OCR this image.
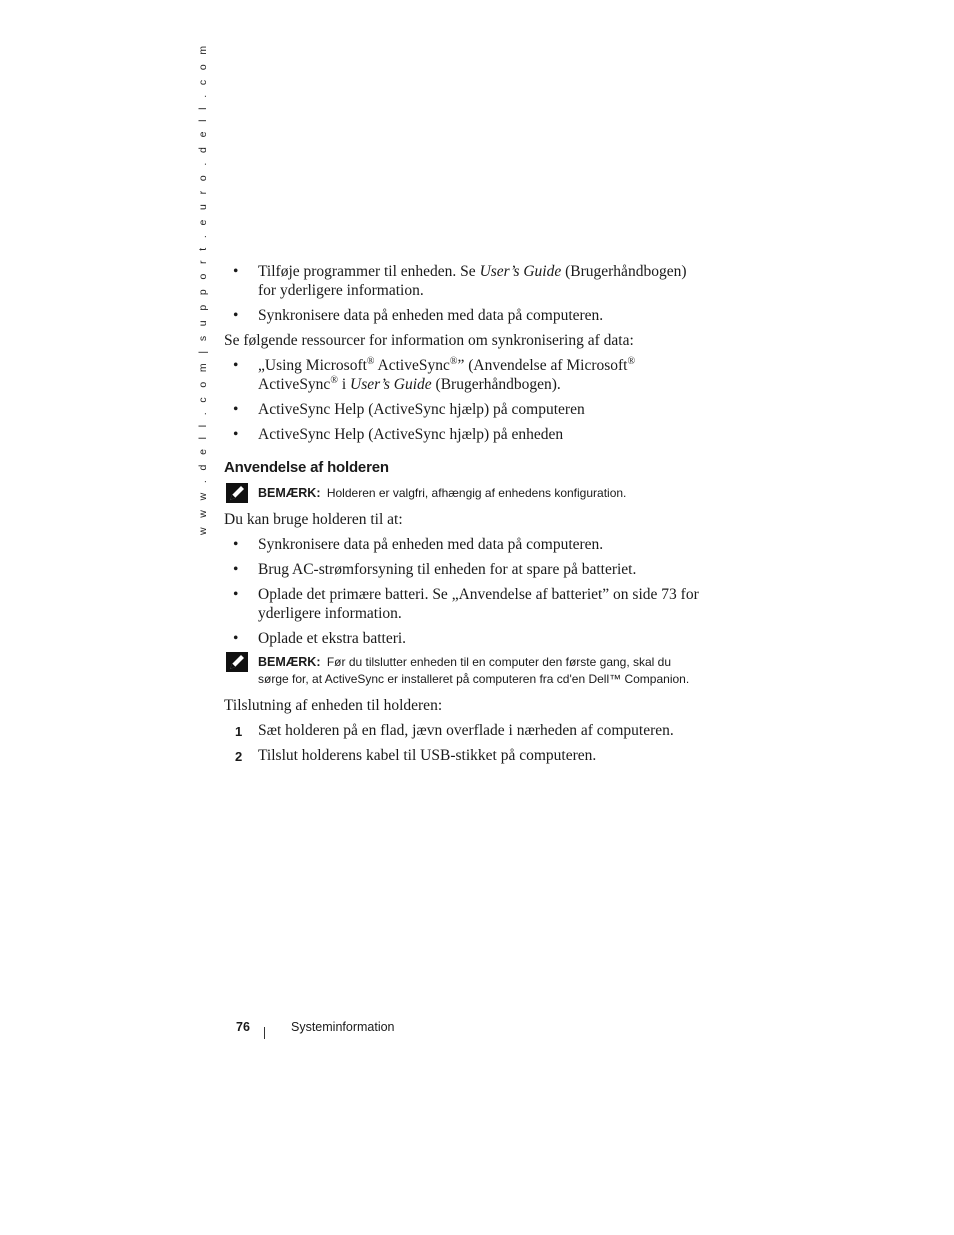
w w w . d e l l . c o m | s u p p o r t . e u r o . d e l l . c o m • Tilføje programmer til enheden. Se User’s Guide (Brugerhåndbogen) for yderligere information.
• Synkronisere data på enheden med data på computeren.

Se følgende ressourcer for information om synkronisering af data:

• „Using Microsoft® ActiveSync®” (Anvendelse af Microsoft®
ActiveSync® i User’s Guide (Brugerhåndbogen).
• ActiveSync Help (ActiveSync hjælp) på computeren
• ActiveSync Help (ActiveSync hjælp) på enheden
Anvendelse af holderen
BEMÆRK: Holderen er valgfri, afhængig af enhedens konfiguration.

Du kan bruge holderen til at:

• Synkronisere data på enheden med data på computeren.
• Brug AC-strømforsyning til enheden for at spare på batteriet.
• Oplade det primære batteri. Se „Anvendelse af batteriet” on side 73 for yderligere information.
• Oplade et ekstra batteri.
BEMÆRK: Før du tilslutter enheden til en computer den første gang, skal du sørge for, at ActiveSync er installeret på computeren fra cd'en Dell™ Companion.

Tilslutning af enheden til holderen:

1 Sæt holderen på en flad, jævn overflade i nærheden af computeren.
2 Tilslut holderens kabel til USB-stikket på computeren.
76	Systeminformation
